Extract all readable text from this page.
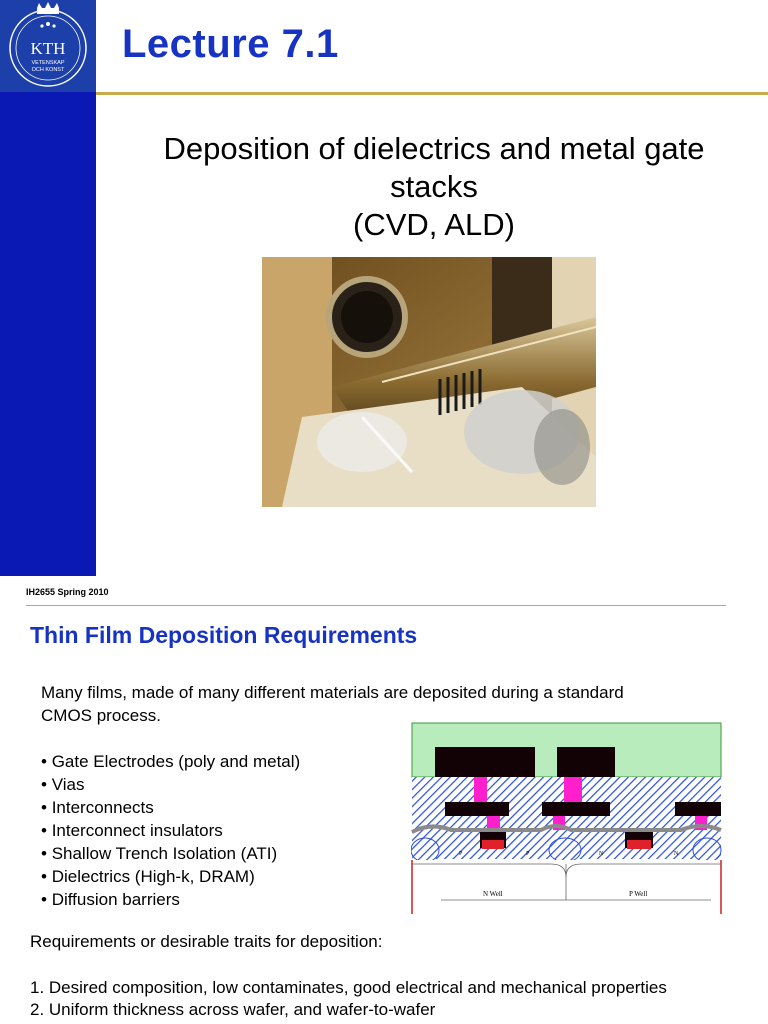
KTH
VETENSKAP
OCH KONST
Lecture 7.1
Deposition of dielectrics and metal gate
stacks
(CVD, ALD)
IH2655 Spring 2010
Thin Film Deposition Requirements

Many films, made of many different materials are deposited during a standard
CMOS process.

• Gate Electrodes (poly and metal)
• Vias
• Interconnects
• Interconnect insulators
• Shallow Trench Isolation (ATI)
• Dielectrics (High-k, DRAM)
• Diffusion barriers
P	P	N	N
N Well	P Well

Requirements or desirable traits for deposition:

1. Desired composition, low contaminates, good electrical and mechanical properties
2. Uniform thickness across wafer, and wafer-to-wafer
